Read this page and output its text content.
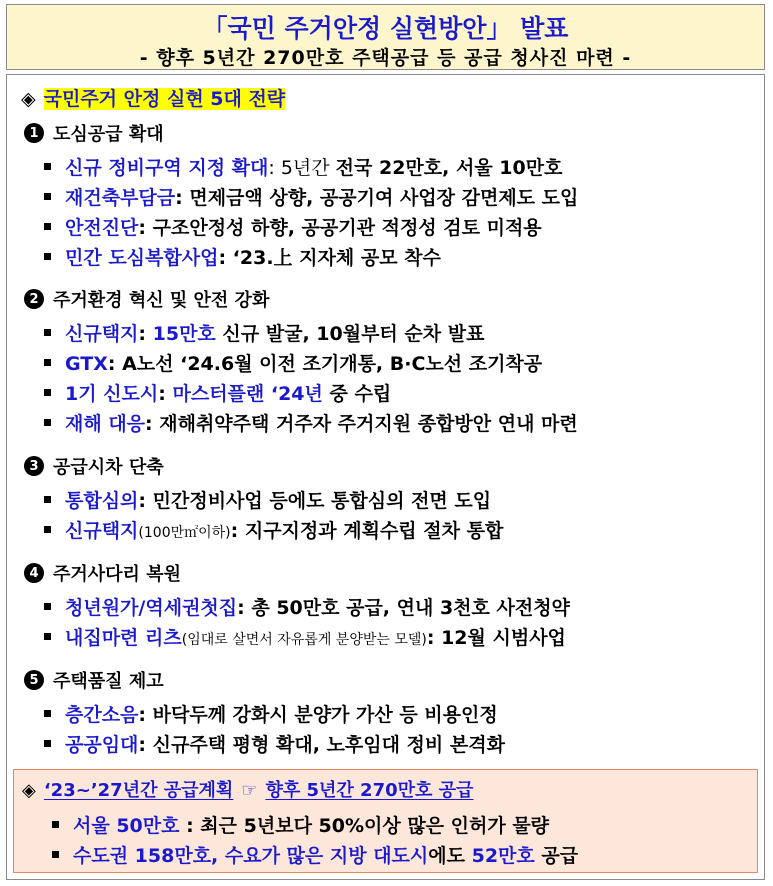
「국민 주거안정 실현방안」 발표
- 향후 5년간 270만호 주택공급 등 공급 청사진 마련 -
◈ 국민주거 안정 실현 5대 전략
1 도심공급 확대
신규 정비구역 지정 확대: 5년간 전국 22만호, 서울 10만호
재건축부담금: 면제금액 상향, 공공기여 사업장 감면제도 도입
안전진단: 구조안정성 하향, 공공기관 적정성 검토 미적용
민간 도심복합사업: ‘23.上 지자체 공모 착수
2 주거환경 혁신 및 안전 강화
신규택지: 15만호 신규 발굴, 10월부터 순차 발표
GTX: A노선 ‘24.6월 이전 조기개통, B·C노선 조기착공
1기 신도시: 마스터플랜 ‘24년 중 수립
재해 대응: 재해취약주택 거주자 주거지원 종합방안 연내 마련
3 공급시차 단축
통합심의: 민간정비사업 등에도 통합심의 전면 도입
신규택지(100만㎡이하): 지구지정과 계획수립 절차 통합
4 주거사다리 복원
청년원가/역세권첫집: 총 50만호 공급, 연내 3천호 사전청약
내집마련 리츠(임대로 살면서 자유롭게 분양받는 모델): 12월 시범사업
5 주택품질 제고
층간소음: 바닥두께 강화시 분양가 가산 등 비용인정
공공임대: 신규주택 평형 확대, 노후임대 정비 본격화
◈ ‘23~’27년간 공급계획 ☞ 향후 5년간 270만호 공급
서울 50만호 : 최근 5년보다 50%이상 많은 인허가 물량
수도권 158만호, 수요가 많은 지방 대도시에도 52만호 공급
